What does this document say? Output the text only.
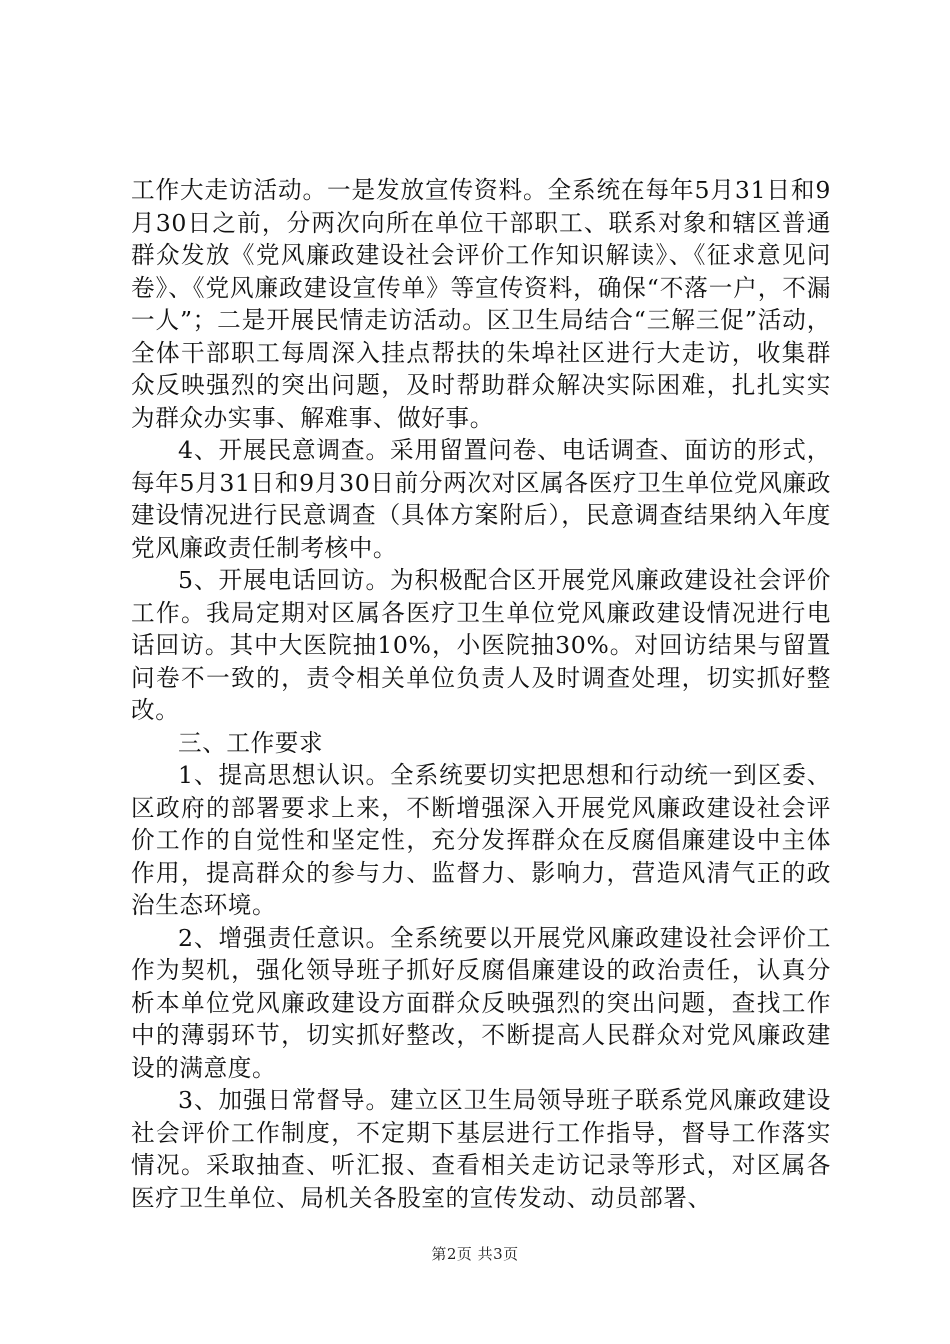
工作大走访活动。一是发放宣传资料。全系统在每年5月31日和9月30日之前，分两次向所在单位干部职工、联系对象和辖区普通群众发放《党风廉政建设社会评价工作知识解读》、《征求意见问卷》、《党风廉政建设宣传单》等宣传资料，确保“不落一户，不漏一人”；二是开展民情走访活动。区卫生局结合“三解三促”活动，全体干部职工每周深入挂点帮扶的朱埠社区进行大走访，收集群众反映强烈的突出问题，及时帮助群众解决实际困难，扎扎实实为群众办实事、解难事、做好事。

4、开展民意调查。采用留置问卷、电话调查、面访的形式，每年5月31日和9月30日前分两次对区属各医疗卫生单位党风廉政建设情况进行民意调查（具体方案附后），民意调查结果纳入年度党风廉政责任制考核中。

5、开展电话回访。为积极配合区开展党风廉政建设社会评价工作。我局定期对区属各医疗卫生单位党风廉政建设情况进行电话回访。其中大医院抽10%，小医院抽30%。对回访结果与留置问卷不一致的，责令相关单位负责人及时调查处理，切实抓好整改。

三、工作要求

1、提高思想认识。全系统要切实把思想和行动统一到区委、区政府的部署要求上来，不断增强深入开展党风廉政建设社会评价工作的自觉性和坚定性，充分发挥群众在反腐倡廉建设中主体作用，提高群众的参与力、监督力、影响力，营造风清气正的政治生态环境。

2、增强责任意识。全系统要以开展党风廉政建设社会评价工作为契机，强化领导班子抓好反腐倡廉建设的政治责任，认真分析本单位党风廉政建设方面群众反映强烈的突出问题，查找工作中的薄弱环节，切实抓好整改，不断提高人民群众对党风廉政建设的满意度。

3、加强日常督导。建立区卫生局领导班子联系党风廉政建设社会评价工作制度，不定期下基层进行工作指导，督导工作落实情况。采取抽查、听汇报、查看相关走访记录等形式，对区属各医疗卫生单位、局机关各股室的宣传发动、动员部署、

第2页 共3页
